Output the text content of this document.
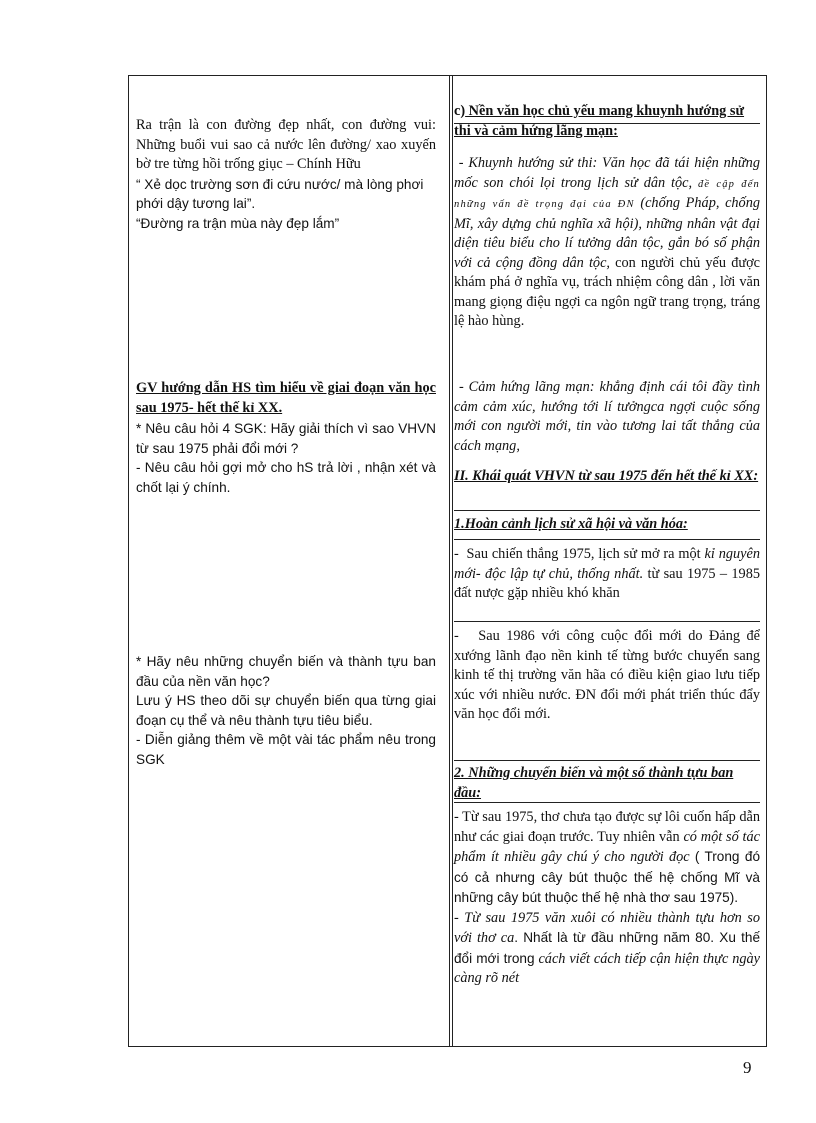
Ra trận là con đường đẹp nhất, con đường vui: Những buổi vui sao cả nước lên đường/ xao xuyến bờ tre từng hồi trống giục – Chính Hữu
“ Xẻ dọc trường sơn đi cứu nước/ mà lòng phơi phới dậy tương lai”.
“Đường ra trận mùa này đẹp lắm”
GV hướng dẫn HS tìm hiểu về giai đoạn văn học sau 1975- hết thế kỉ XX.
* Nêu câu hỏi 4 SGK: Hãy giải thích vì sao VHVN từ sau 1975 phải đổi mới ?
- Nêu câu hỏi gợi mở cho hS trả lời , nhận xét và chốt lại ý chính.
* Hãy nêu những chuyển biến và thành tựu ban đầu của nền văn học?
Lưu ý HS theo dõi sự chuyển biến qua từng giai đoạn cụ thể và nêu thành tựu tiêu biểu.
- Diễn giảng thêm về một vài tác phẩm nêu trong SGK
c) Nền văn học chủ yếu mang khuynh hướng sử thi và cảm hứng lãng mạn:
- Khuynh hướng sử thi: Văn học đã tái hiện những mốc son chói lọi trong lịch sử dân tộc, đề cập đến những vấn đề trọng đại của ĐN (chống Pháp, chống Mĩ, xây dựng chủ nghĩa xã hội), những nhân vật đại diện tiêu biểu cho lí tưởng dân tộc, gắn bó số phận với cả cộng đồng dân tộc, con người chủ yếu được khám phá ở nghĩa vụ, trách nhiệm công dân , lời văn mang giọng điệu ngợi ca ngôn ngữ trang trọng, tráng lệ hào hùng.
- Cảm hứng lãng mạn: khẳng định cái tôi đầy tình cảm cảm xúc, hướng tới lí tưởngca ngợi cuộc sống mới con người mới, tin vào tương lai tất thắng của cách mạng,
II. Khái quát VHVN từ sau 1975 đến hết thế kỉ XX:
1.Hoàn cảnh lịch sử xã hội và văn hóa:
-  Sau chiến thắng 1975, lịch sử mở ra một kỉ nguyên mới- độc lập tự chủ, thống nhất. từ sau 1975 – 1985 đất nược gặp nhiều khó khăn
-   Sau 1986 với công cuộc đổi mới do Đảng để xướng lãnh đạo nền kinh tế từng bước chuyển sang kinh tế thị trường văn hãa có điều kiện giao lưu tiếp xúc với nhiều nước. ĐN đổi mới phát triển thúc đẩy văn học đổi mới.
2. Những chuyển biến và một số thành tựu ban đầu:
- Từ sau 1975, thơ chưa tạo được sự lôi cuốn hấp dẫn như các giai đoạn trước. Tuy nhiên vẫn có một số tác phẩm ít nhiều gây chú ý cho người đọc ( Trong đó có cả nhưng cây bút thuộc thế hệ chống Mĩ và những cây bút thuộc thế hệ nhà thơ sau 1975).
- Từ sau 1975 văn xuôi có nhiều thành tựu hơn so với thơ ca. Nhất là từ đầu những năm 80. Xu thế đổi mới trong cách viết cách tiếp cận hiện thực ngày càng rõ nét
9
